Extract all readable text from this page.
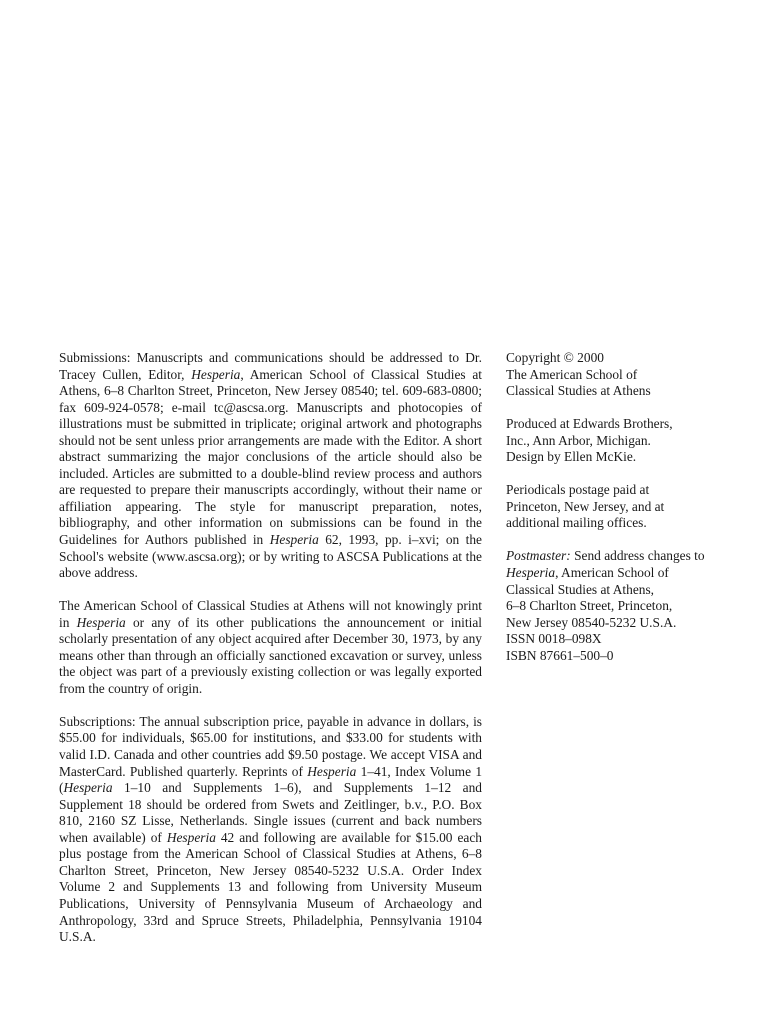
Submissions: Manuscripts and communications should be addressed to Dr. Tracey Cullen, Editor, Hesperia, American School of Classical Studies at Athens, 6–8 Charlton Street, Princeton, New Jersey 08540; tel. 609-683-0800; fax 609-924-0578; e-mail tc@ascsa.org. Manuscripts and photocopies of illustrations must be submitted in triplicate; original artwork and photographs should not be sent unless prior arrangements are made with the Editor. A short abstract summarizing the major conclusions of the article should also be included. Articles are submitted to a double-blind review process and authors are requested to prepare their manuscripts accordingly, without their name or affiliation appearing. The style for manuscript preparation, notes, bibliography, and other information on submissions can be found in the Guidelines for Authors published in Hesperia 62, 1993, pp. i–xvi; on the School's website (www.ascsa.org); or by writing to ASCSA Publications at the above address.

The American School of Classical Studies at Athens will not knowingly print in Hesperia or any of its other publications the announcement or initial scholarly presentation of any object acquired after December 30, 1973, by any means other than through an officially sanctioned excavation or survey, unless the object was part of a previously existing collection or was legally exported from the country of origin.

Subscriptions: The annual subscription price, payable in advance in dollars, is $55.00 for individuals, $65.00 for institutions, and $33.00 for students with valid I.D. Canada and other countries add $9.50 postage. We accept VISA and MasterCard. Published quarterly. Reprints of Hesperia 1–41, Index Volume 1 (Hesperia 1–10 and Supplements 1–6), and Supplements 1–12 and Supplement 18 should be ordered from Swets and Zeitlinger, b.v., P.O. Box 810, 2160 SZ Lisse, Netherlands. Single issues (current and back numbers when available) of Hesperia 42 and following are available for $15.00 each plus postage from the American School of Classical Studies at Athens, 6–8 Charlton Street, Princeton, New Jersey 08540-5232 U.S.A. Order Index Volume 2 and Supplements 13 and following from University Museum Publications, University of Pennsylvania Museum of Archaeology and Anthropology, 33rd and Spruce Streets, Philadelphia, Pennsylvania 19104 U.S.A.

Copyright © 2000
The American School of
Classical Studies at Athens
Produced at Edwards Brothers,
Inc., Ann Arbor, Michigan.
Design by Ellen McKie.
Periodicals postage paid at
Princeton, New Jersey, and at
additional mailing offices.
Postmaster: Send address changes to
Hesperia, American School of
Classical Studies at Athens,
6–8 Charlton Street, Princeton,
New Jersey 08540-5232 U.S.A.
ISSN 0018–098X
ISBN 87661–500–0
